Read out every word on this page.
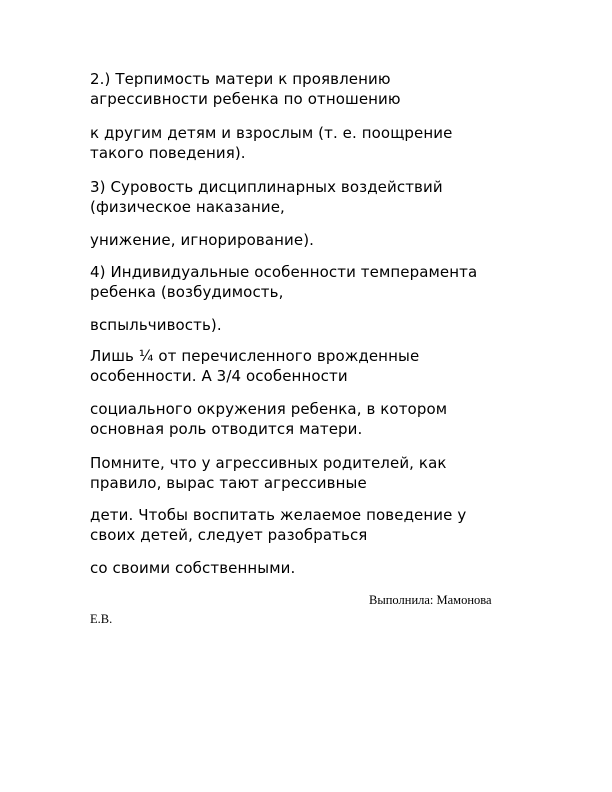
2.) Терпимость матери к проявлению
агрессивности ребенка по отношению

к другим детям и взрослым (т. е. поощрение
такого поведения).

3) Суровость дисциплинарных воздействий
(физическое наказание,

унижение, игнорирование).

4) Индивидуальные особенности темперамента
ребенка (возбудимость,

вспыльчивость).

Лишь ¼ от перечисленного врожденные
особенности. А 3/4 особенности

социального окружения ребенка, в котором
основная роль отводится матери.

Помните, что у агрессивных родителей, как
правило, вырас тают агрессивные

дети. Чтобы воспитать желаемое поведение у
своих детей, следует разобраться

со своими собственными.

Выполнила: Мамонова
Е.В.
